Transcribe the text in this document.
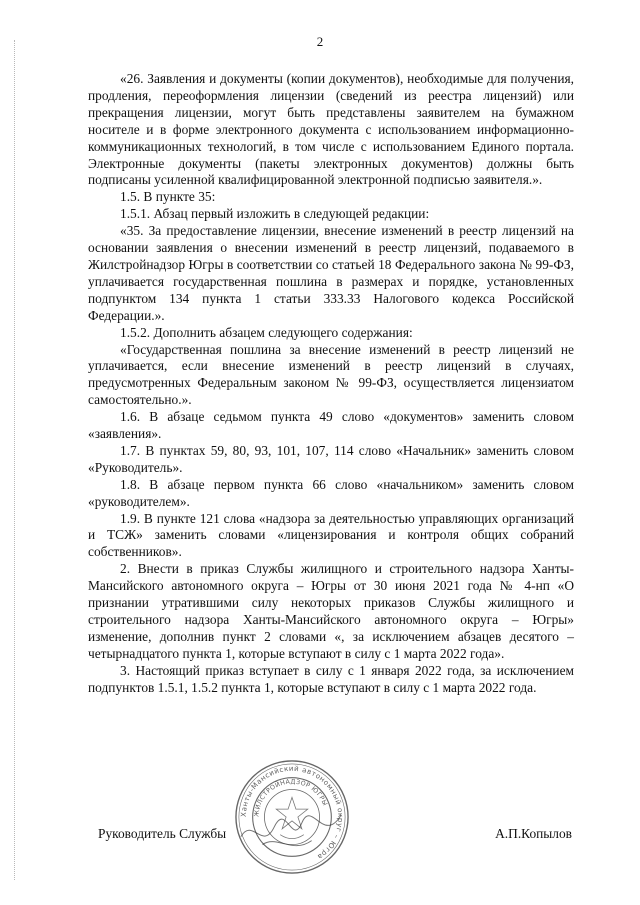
2

«26. Заявления и документы (копии документов), необходимые для получения, продления, переоформления лицензии (сведений из реестра лицензий) или прекращения лицензии, могут быть представлены заявителем на бумажном носителе и в форме электронного документа с использованием информационно-коммуникационных технологий, в том числе с использованием Единого портала. Электронные документы (пакеты электронных документов) должны быть подписаны усиленной квалифицированной электронной подписью заявителя.».

1.5. В пункте 35:

1.5.1. Абзац первый изложить в следующей редакции:

«35. За предоставление лицензии, внесение изменений в реестр лицензий на основании заявления о внесении изменений в реестр лицензий, подаваемого в Жилстройнадзор Югры в соответствии со статьей 18 Федерального закона № 99-ФЗ, уплачивается государственная пошлина в размерах и порядке, установленных подпунктом 134 пункта 1 статьи 333.33 Налогового кодекса Российской Федерации.».

1.5.2. Дополнить абзацем следующего содержания:

«Государственная пошлина за внесение изменений в реестр лицензий не уплачивается, если внесение изменений в реестр лицензий в случаях, предусмотренных Федеральным законом № 99-ФЗ, осуществляется лицензиатом самостоятельно.».

1.6. В абзаце седьмом пункта 49 слово «документов» заменить словом «заявления».

1.7. В пунктах 59, 80, 93, 101, 107, 114 слово «Начальник» заменить словом «Руководитель».

1.8. В абзаце первом пункта 66 слово «начальником» заменить словом «руководителем».

1.9. В пункте 121 слова «надзора за деятельностью управляющих организаций и ТСЖ» заменить словами «лицензирования и контроля общих собраний собственников».

2. Внести в приказ Службы жилищного и строительного надзора Ханты-Мансийского автономного округа – Югры от 30 июня 2021 года № 4-нп «О признании утратившими силу некоторых приказов Службы жилищного и строительного надзора Ханты-Мансийского автономного округа – Югры» изменение, дополнив пункт 2 словами «, за исключением абзацев десятого – четырнадцатого пункта 1, которые вступают в силу с 1 марта 2022 года».

3. Настоящий приказ вступает в силу с 1 января 2022 года, за исключением подпунктов 1.5.1, 1.5.2 пункта 1, которые вступают в силу с 1 марта 2022 года.

Руководитель Службы	А.П.Копылов
Ханты-Мансийский автономный округ – Югра
ЖИЛСТРОЙНАДЗОР ЮГРЫ
